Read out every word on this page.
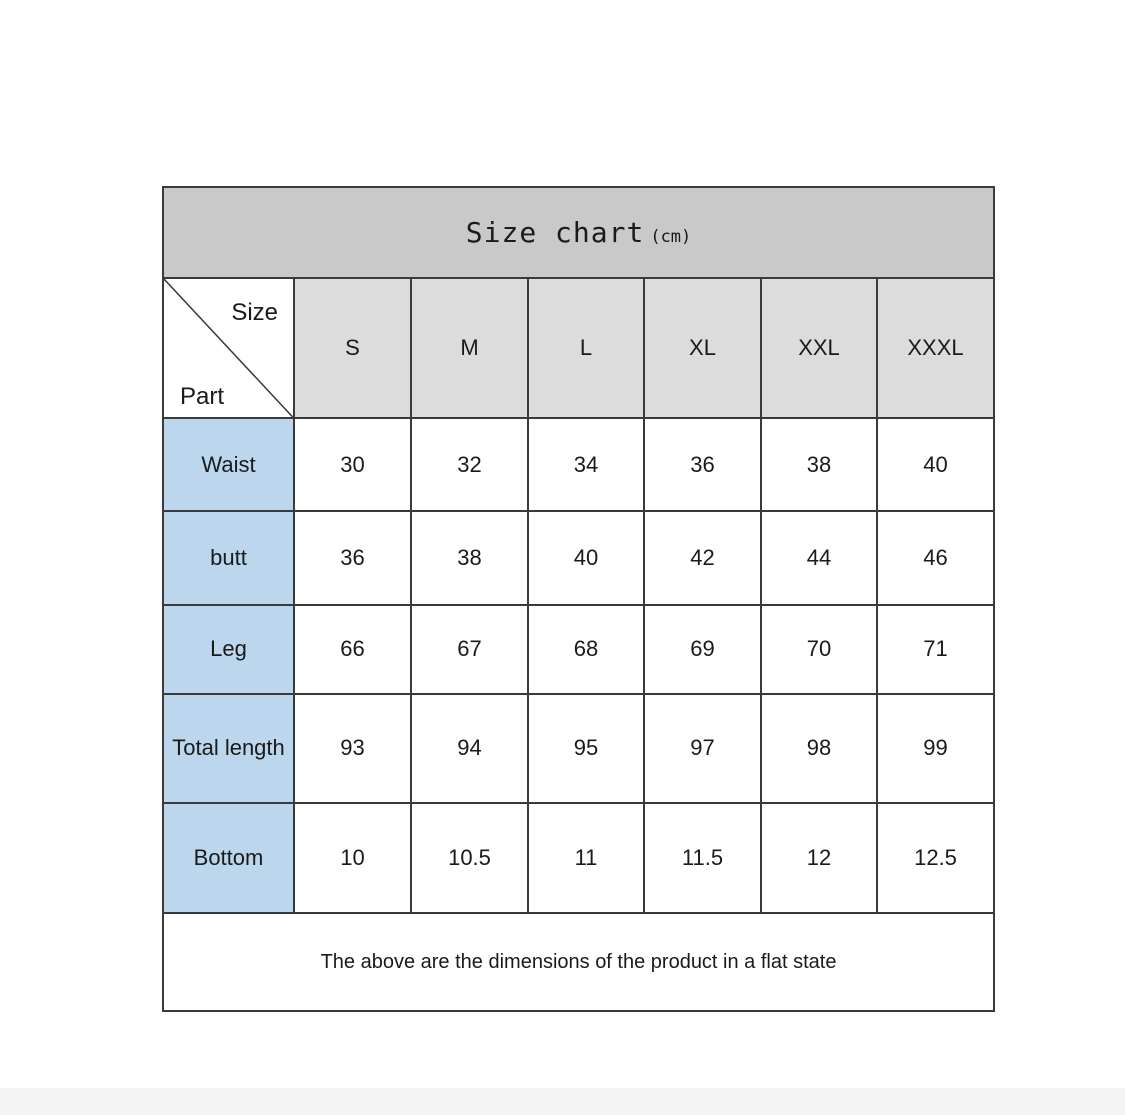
Size chart (cm)						

Size
Part	S	M	L	XL	XXL	XXXL
Waist	30	32	34	36	38	40
butt	36	38	40	42	44	46
Leg	66	67	68	69	70	71
Total length	93	94	95	97	98	99
Bottom	10	10.5	11	11.5	12	12.5
The above are the dimensions of the product in a flat state						
